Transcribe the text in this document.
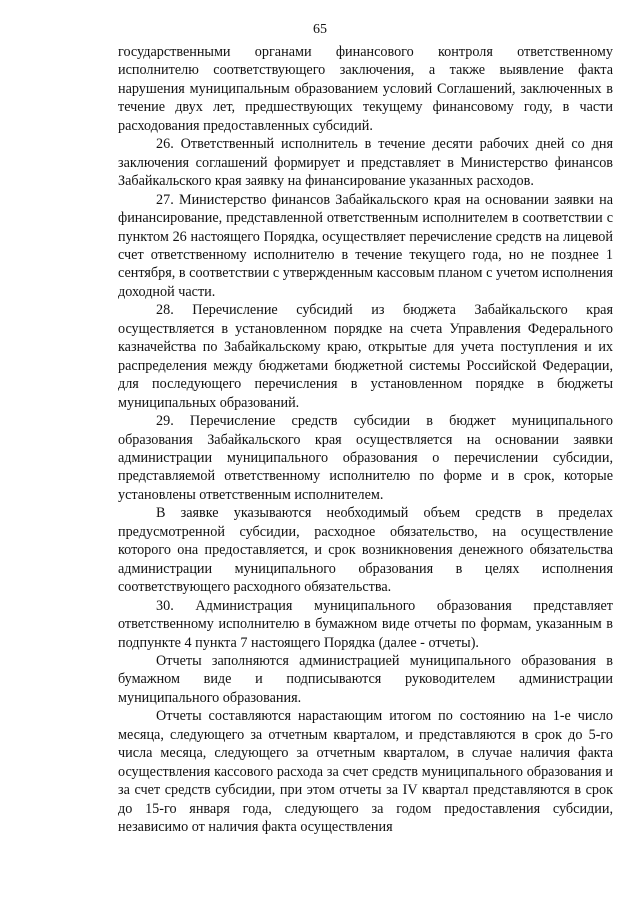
65

государственными органами финансового контроля ответственному исполнителю соответствующего заключения, а также выявление факта нарушения муниципальным образованием условий Соглашений, заключенных в течение двух лет, предшествующих текущему финансовому году, в части расходования предоставленных субсидий.

26. Ответственный исполнитель в течение десяти рабочих дней со дня заключения соглашений формирует и представляет в Министерство финансов Забайкальского края заявку на финансирование указанных расходов.

27. Министерство финансов Забайкальского края на основании заявки на финансирование, представленной ответственным исполнителем в соответствии с пунктом 26 настоящего Порядка, осуществляет перечисление средств на лицевой счет ответственному исполнителю в течение текущего года, но не позднее 1 сентября, в соответствии с утвержденным кассовым планом с учетом исполнения доходной части.

28. Перечисление субсидий из бюджета Забайкальского края осуществляется в установленном порядке на счета Управления Федерального казначейства по Забайкальскому краю, открытые для учета поступления и их распределения между бюджетами бюджетной системы Российской Федерации, для последующего перечисления в установленном порядке в бюджеты муниципальных образований.

29. Перечисление средств субсидии в бюджет муниципального образования Забайкальского края осуществляется на основании заявки администрации муниципального образования о перечислении субсидии, представляемой ответственному исполнителю по форме и в срок, которые установлены ответственным исполнителем.

В заявке указываются необходимый объем средств в пределах предусмотренной субсидии, расходное обязательство, на осуществление которого она предоставляется, и срок возникновения денежного обязательства администрации муниципального образования в целях исполнения соответствующего расходного обязательства.

30. Администрация муниципального образования представляет ответственному исполнителю в бумажном виде отчеты по формам, указанным в подпункте 4 пункта 7 настоящего Порядка (далее - отчеты).

Отчеты заполняются администрацией муниципального образования в бумажном виде и подписываются руководителем администрации муниципального образования.

Отчеты составляются нарастающим итогом по состоянию на 1-е число месяца, следующего за отчетным кварталом, и представляются в срок до 5-го числа месяца, следующего за отчетным кварталом, в случае наличия факта осуществления кассового расхода за счет средств муниципального образования и за счет средств субсидии, при этом отчеты за IV квартал представляются в срок до 15-го января года, следующего за годом предоставления субсидии, независимо от наличия факта осуществления
